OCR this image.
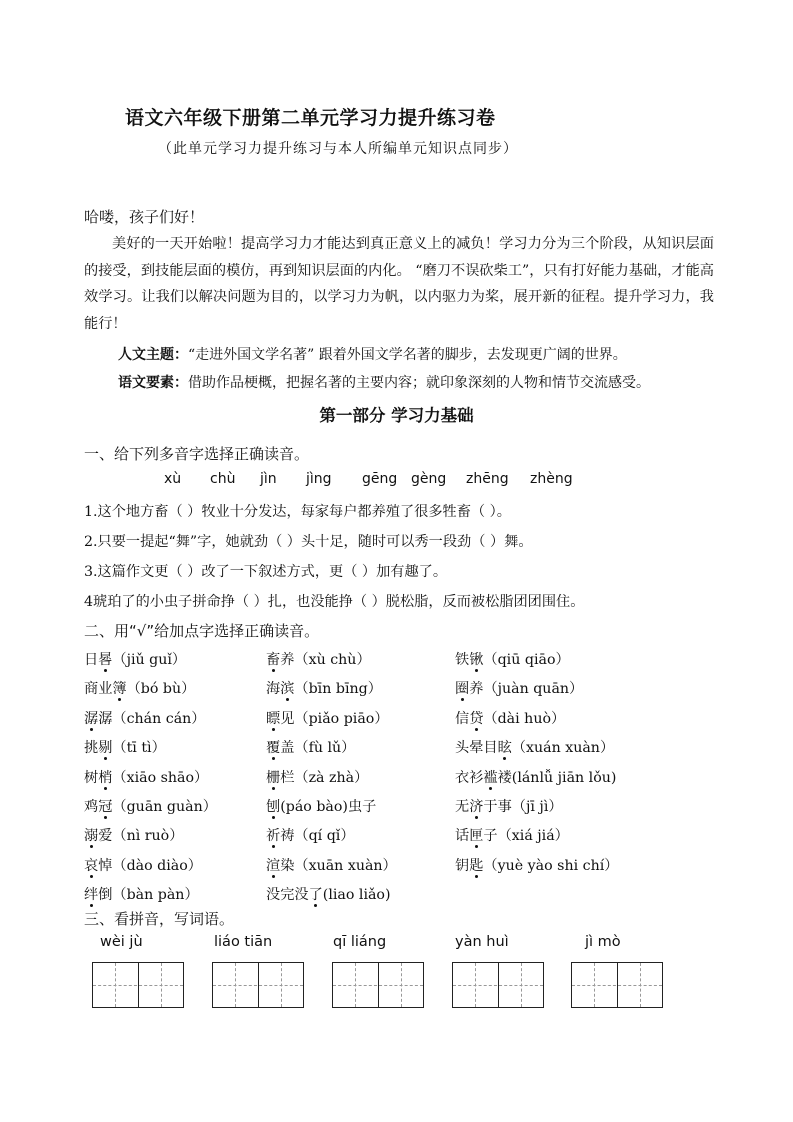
语文六年级下册第二单元学习力提升练习卷
（此单元学习力提升练习与本人所编单元知识点同步）
哈喽，孩子们好！
美好的一天开始啦！提高学习力才能达到真正意义上的减负！学习力分为三个阶段，从知识层面的接受，到技能层面的模仿，再到知识层面的内化。 “磨刀不误砍柴工”，只有打好能力基础，才能高效学习。让我们以解决问题为目的，以学习力为帆，以内驱力为桨，展开新的征程。提升学习力，我能行！
人文主题：“走进外国文学名著” 跟着外国文学名著的脚步，去发现更广阔的世界。
语文要素：借助作品梗概，把握名著的主要内容；就印象深刻的人物和情节交流感受。
第一部分 学习力基础
一、给下列多音字选择正确读音。
xù chù jìn jìng gēng gèng zhēng zhèng
1.这个地方畜（ ）牧业十分发达，每家每户都养殖了很多牲畜（ ）。
2.只要一提起“舞”字，她就劲（ ）头十足，随时可以秀一段劲（ ）舞。
3.这篇作文更（ ）改了一下叙述方式，更（ ）加有趣了。
4琥珀了的小虫子拼命挣（ ）扎，也没能挣（ ）脱松脂，反而被松脂团团围住。
二、用“√”给加点字选择正确读音。
日晷（jiǔ guǐ）	畜养（xù chù）	铁锹（qiū qiāo）
商业簿（bó bù）	海滨（bīn bīng）	圈养（juàn quān）
潺潺（chán cán）	瞟见（piǎo piāo）	信贷（dài huò）
挑剔（tī tì）	覆盖（fù lǔ）	头晕目眩（xuán xuàn）
树梢（xiāo shāo）	栅栏（zà zhà）	衣衫褴褛(lánlǚ jiān lǒu)
鸡冠（guān guàn）	刨(páo bào)虫子	无济于事（jī jì）
溺爱（nì ruò）	祈祷（qí qǐ）	话匣子（xiá jiá）
哀悼（dào diào）	渲染（xuān xuàn）	钥匙（yuè yào shi chí）
绊倒（bàn pàn）	没完没了(liao liǎo)
三、看拼音，写词语。
wèi jù	liáo tiān	qī liáng	yàn huì	jì mò
